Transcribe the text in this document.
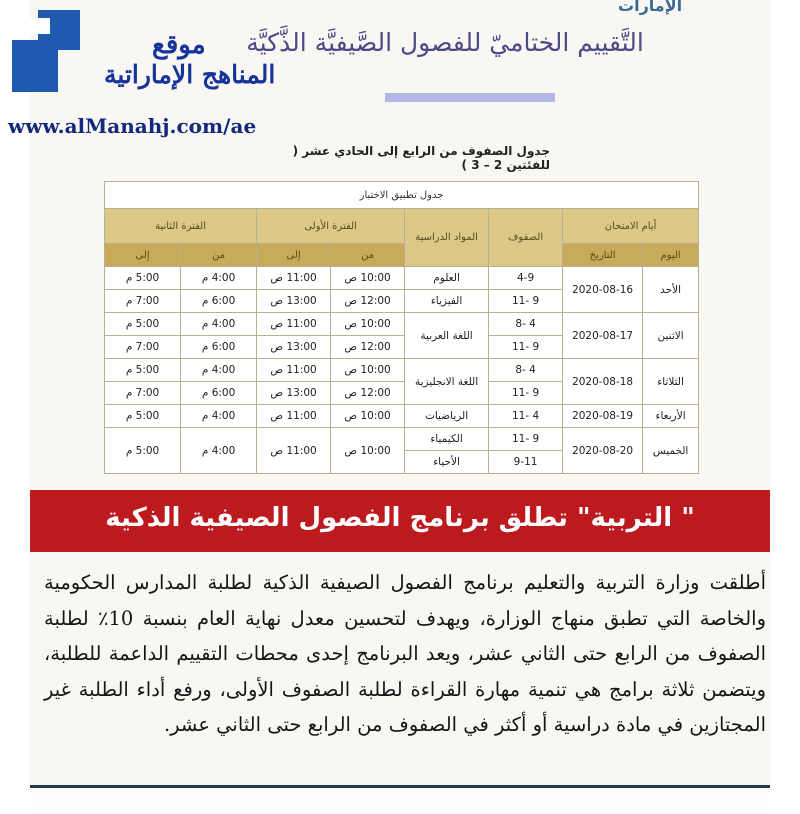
الإمارات
موقع
المناهج الإماراتية
www.alManahj.com/ae
التَّقييم الختاميّ للفصول الصَّيفيَّة الذَّكيَّة
جدول الصفوف من الرابع إلى الحادي عشر ( للفئتين 2 – 3 )
جدول تطبيق الاختبار							
أيام الامتحان		الصفوف	المواد الدراسية	الفترة الأولى		الفترة الثانية	
اليوم	التاريخ			من	إلى	من	إلى
الأحد	2020-08-16	4-9	العلوم	10:00 ص	11:00 ص	4:00 م	5:00 م
		9 -11	الفيزياء	12:00 ص	13:00 ص	6:00 م	7:00 م
الاثنين	2020-08-17	4 -8	اللغة العربية	10:00 ص	11:00 ص	4:00 م	5:00 م
		9 -11		12:00 ص	13:00 ص	6:00 م	7:00 م
الثلاثاء	2020-08-18	4 -8	اللغة الانجليزية	10:00 ص	11:00 ص	4:00 م	5:00 م
		9 -11		12:00 ص	13:00 ص	6:00 م	7:00 م
الأربعاء	2020-08-19	4 -11	الرياضيات	10:00 ص	11:00 ص	4:00 م	5:00 م
الخميس	2020-08-20	9 -11	الكيمياء	10:00 ص	11:00 ص	4:00 م	5:00 م
		9-11	الأحياء				
" التربية" تطلق برنامج الفصول الصيفية الذكية
أطلقت وزارة التربية والتعليم برنامج الفصول الصيفية الذكية لطلبة المدارس الحكومية والخاصة التي تطبق منهاج الوزارة، ويهدف لتحسين معدل نهاية العام بنسبة 10٪ لطلبة الصفوف من الرابع حتى الثاني عشر، ويعد البرنامج إحدى محطات التقييم الداعمة للطلبة، ويتضمن ثلاثة برامج هي تنمية مهارة القراءة لطلبة الصفوف الأولى، ورفع أداء الطلبة غير المجتازين في مادة دراسية أو أكثر في الصفوف من الرابع حتى الثاني عشر.
